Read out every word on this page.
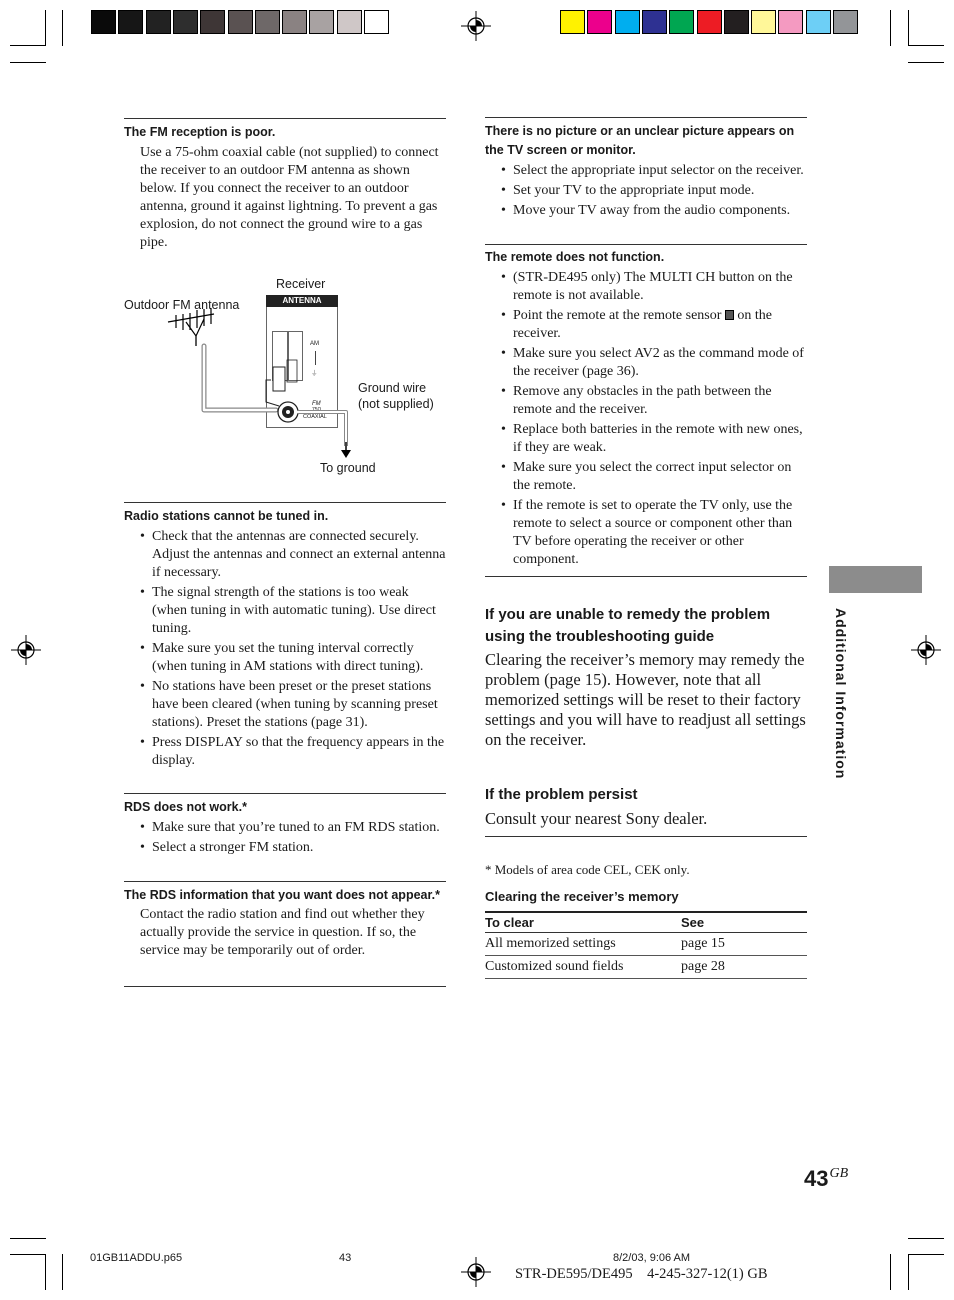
The FM reception is poor.

Use a 75-ohm coaxial cable (not supplied) to connect the receiver to an outdoor FM antenna as shown below. If you connect the receiver to an outdoor antenna, ground it against lightning. To prevent a gas explosion, do not connect the ground wire to a gas pipe.

Receiver
Outdoor FM antenna	ANTENNA
AM
⏚
FM
75Ω
COAXIAL
Ground wire
(not supplied)
To ground

Radio stations cannot be tuned in.

• Check that the antennas are connected securely. Adjust the antennas and connect an external antenna if necessary.
• The signal strength of the stations is too weak (when tuning in with automatic tuning). Use direct tuning.
• Make sure you set the tuning interval correctly (when tuning in AM stations with direct tuning).
• No stations have been preset or the preset stations have been cleared (when tuning by scanning preset stations). Preset the stations (page 31).
• Press DISPLAY so that the frequency appears in the display.

RDS does not work.*

• Make sure that you’re tuned to an FM RDS station.
• Select a stronger FM station.

The RDS information that you want does not appear.*

Contact the radio station and find out whether they actually provide the service in question. If so, the service may be temporarily out of order.

There is no picture or an unclear picture appears on the TV screen or monitor.

• Select the appropriate input selector on the receiver.
• Set your TV to the appropriate input mode.
• Move your TV away from the audio components.

The remote does not function.

• (STR-DE495 only) The MULTI CH button on the remote is not available.
• Point the remote at the remote sensor  on the receiver.
• Make sure you select AV2 as the command mode of the receiver (page 36).
• Remove any obstacles in the path between the remote and the receiver.
• Replace both batteries in the remote with new ones, if they are weak.
• Make sure you select the correct input selector on the remote.
• If the remote is set to operate the TV only, use the remote to select a source or component other than TV before operating the receiver or other component.

If you are unable to remedy the problem using the troubleshooting guide

Clearing the receiver’s memory may remedy the problem (page 15). However, note that all memorized settings will be reset to their factory settings and you will have to readjust all settings on the receiver.

If the problem persist

Consult your nearest Sony dealer.

* Models of area code CEL, CEK only.

Clearing the receiver’s memory

To clear	See
All memorized settings	page 15
Customized sound fields	page 28
Additional Information
$43^{GB}$
01GB11ADDU.p65	43	8/2/03, 9:06 AM
STR-DE595/DE495    4-245-327-12(1) GB
